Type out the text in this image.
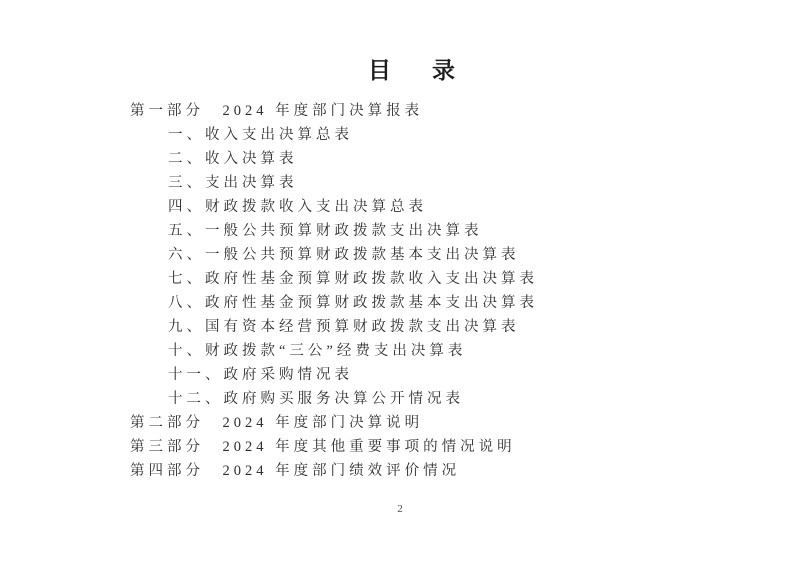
目　录
第一部分　2024 年度部门决算报表
一、收入支出决算总表
二、收入决算表
三、支出决算表
四、财政拨款收入支出决算总表
五、一般公共预算财政拨款支出决算表
六、一般公共预算财政拨款基本支出决算表
七、政府性基金预算财政拨款收入支出决算表
八、政府性基金预算财政拨款基本支出决算表
九、国有资本经营预算财政拨款支出决算表
十、财政拨款“三公”经费支出决算表
十一、政府采购情况表
十二、政府购买服务决算公开情况表
第二部分　2024 年度部门决算说明
第三部分　2024 年度其他重要事项的情况说明
第四部分　2024 年度部门绩效评价情况
2
